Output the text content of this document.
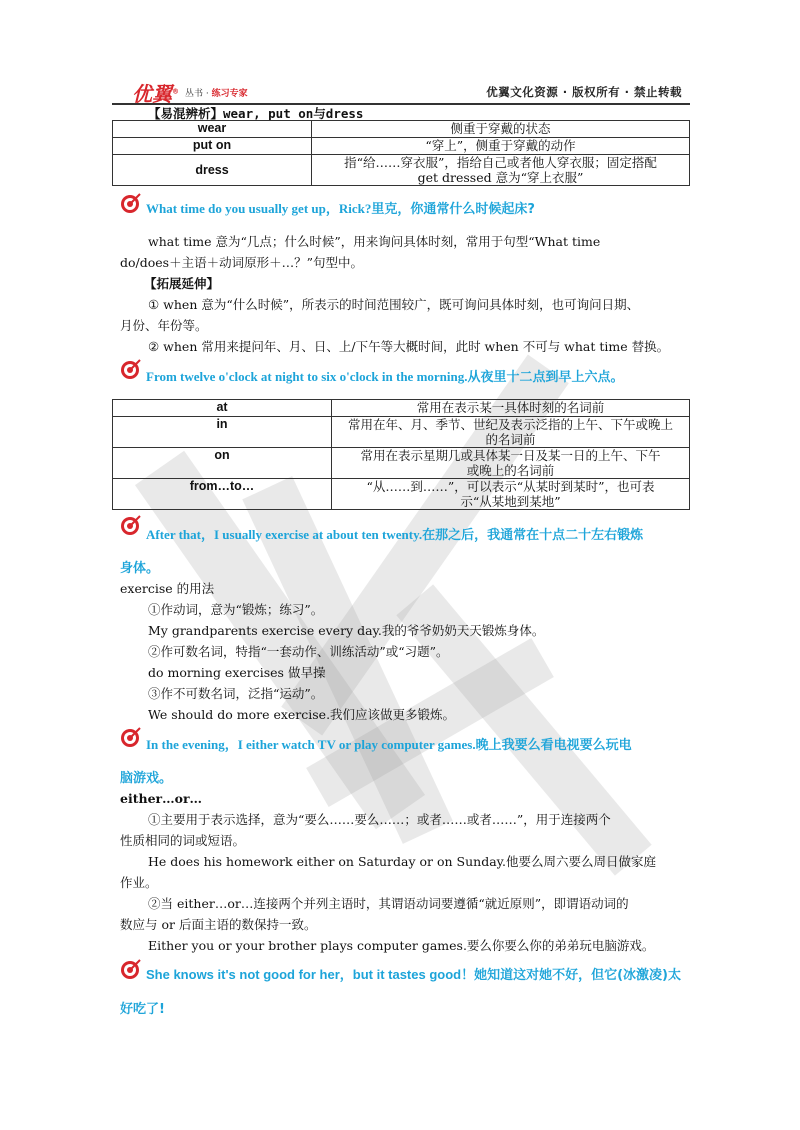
优翼® 丛书 · 练习专家	优翼文化资源 · 版权所有 · 禁止转载
【易混辨析】wear, put on与dress
wear	侧重于穿戴的状态
put on	“穿上”，侧重于穿戴的动作
dress	指“给……穿衣服”，指给自己或者他人穿衣服；固定搭配
get dressed 意为“穿上衣服”
What time do you usually get up，Rick?里克，你通常什么时候起床?
what time 意为“几点；什么时候”，用来询问具体时刻，常用于句型“What time
do/does＋主语＋动词原形＋…？”句型中。
【拓展延伸】
① when 意为“什么时候”，所表示的时间范围较广，既可询问具体时刻，也可询问日期、
月份、年份等。
② when 常用来提问年、月、日、上/下午等大概时间，此时 when 不可与 what time 替换。
From twelve o'clock at night to six o'clock in the morning.从夜里十二点到早上六点。
at	常用在表示某一具体时刻的名词前
in	常用在年、月、季节、世纪及表示泛指的上午、下午或晚上
的名词前

on	常用在表示星期几或具体某一日及某一日的上午、下午
或晚上的名词前

from…to…	“从……到……”，可以表示“从某时到某时”，也可表
示“从某地到某地”
After that，I usually exercise at about ten twenty.在那之后，我通常在十点二十左右锻炼
身体。
exercise 的用法
①作动词，意为“锻炼；练习”。
My grandparents exercise every day.我的爷爷奶奶天天锻炼身体。
②作可数名词，特指“一套动作、训练活动”或“习题”。
do morning exercises 做早操
③作不可数名词，泛指“运动”。
We should do more exercise.我们应该做更多锻炼。
In the evening，I either watch TV or play computer games.晚上我要么看电视要么玩电
脑游戏。
either…or…
①主要用于表示选择，意为“要么……要么……；或者……或者……”，用于连接两个
性质相同的词或短语。
He does his homework either on Saturday or on Sunday.他要么周六要么周日做家庭
作业。
②当 either…or…连接两个并列主语时，其谓语动词要遵循“就近原则”，即谓语动词的
数应与 or 后面主语的数保持一致。
Either you or your brother plays computer games.要么你要么你的弟弟玩电脑游戏。
She knows it's not good for her，but it tastes good！她知道这对她不好，但它(冰激凌)太
好吃了!
